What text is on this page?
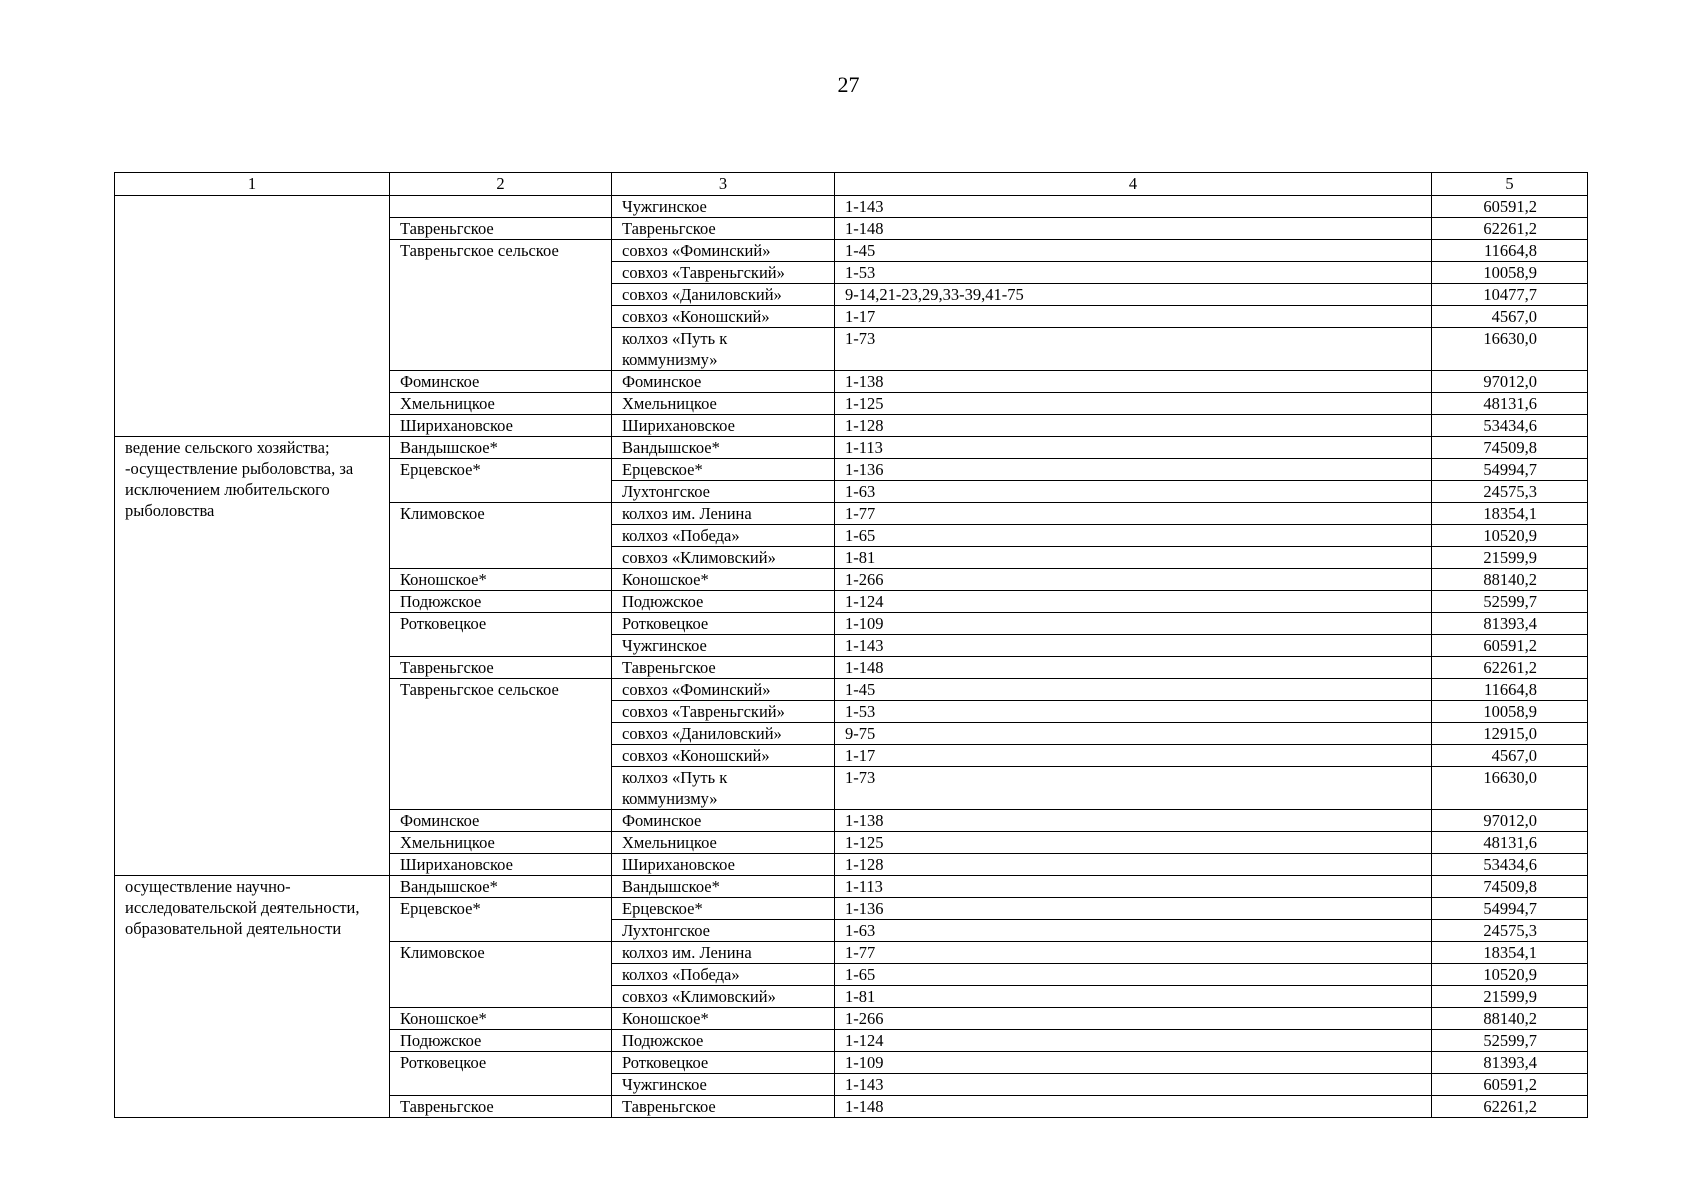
27
1	2	3	4	5
		Чужгинское	1-143	60591,2
	Тавреньгское	Тавреньгское	1-148	62261,2
	Тавреньгское сельское	совхоз «Фоминский»	1-45	11664,8
		совхоз «Тавреньгский»	1-53	10058,9
		совхоз «Даниловский»	9-14,21-23,29,33-39,41-75	10477,7
		совхоз «Коношский»	1-17	4567,0
		колхоз «Путь к коммунизму»	1-73	16630,0
	Фоминское	Фоминское	1-138	97012,0
	Хмельницкое	Хмельницкое	1-125	48131,6
	Шириханoвское	Шириханoвское	1-128	53434,6
ведение сельского хозяйства; -осуществление рыболовства, за исключением любительского рыболовства	Вандышское*	Вандышское*	1-113	74509,8
	Ерцевское*	Ерцевское*	1-136	54994,7
		Лухтонгское	1-63	24575,3
	Климовское	колхоз им. Ленина	1-77	18354,1
		колхоз «Победа»	1-65	10520,9
		совхоз «Климовский»	1-81	21599,9
	Коношское*	Коношское*	1-266	88140,2
	Подюжское	Подюжское	1-124	52599,7
	Ротковецкое	Ротковецкое	1-109	81393,4
		Чужгинское	1-143	60591,2
	Тавреньгское	Тавреньгское	1-148	62261,2
	Тавреньгское сельское	совхоз «Фоминский»	1-45	11664,8
		совхоз «Тавреньгский»	1-53	10058,9
		совхоз «Даниловский»	9-75	12915,0
		совхоз «Коношский»	1-17	4567,0
		колхоз «Путь к коммунизму»	1-73	16630,0
	Фоминское	Фоминское	1-138	97012,0
	Хмельницкое	Хмельницкое	1-125	48131,6
	Шириханoвское	Шириханoвское	1-128	53434,6
осуществление научно-исследовательской деятельности, образовательной деятельности	Вандышское*	Вандышское*	1-113	74509,8
	Ерцевское*	Ерцевское*	1-136	54994,7
		Лухтонгское	1-63	24575,3
	Климовское	колхоз им. Ленина	1-77	18354,1
		колхоз «Победа»	1-65	10520,9
		совхоз «Климовский»	1-81	21599,9
	Коношское*	Коношское*	1-266	88140,2
	Подюжское	Подюжское	1-124	52599,7
	Ротковецкое	Ротковецкое	1-109	81393,4
		Чужгинское	1-143	60591,2
	Тавреньгское	Тавреньгское	1-148	62261,2
